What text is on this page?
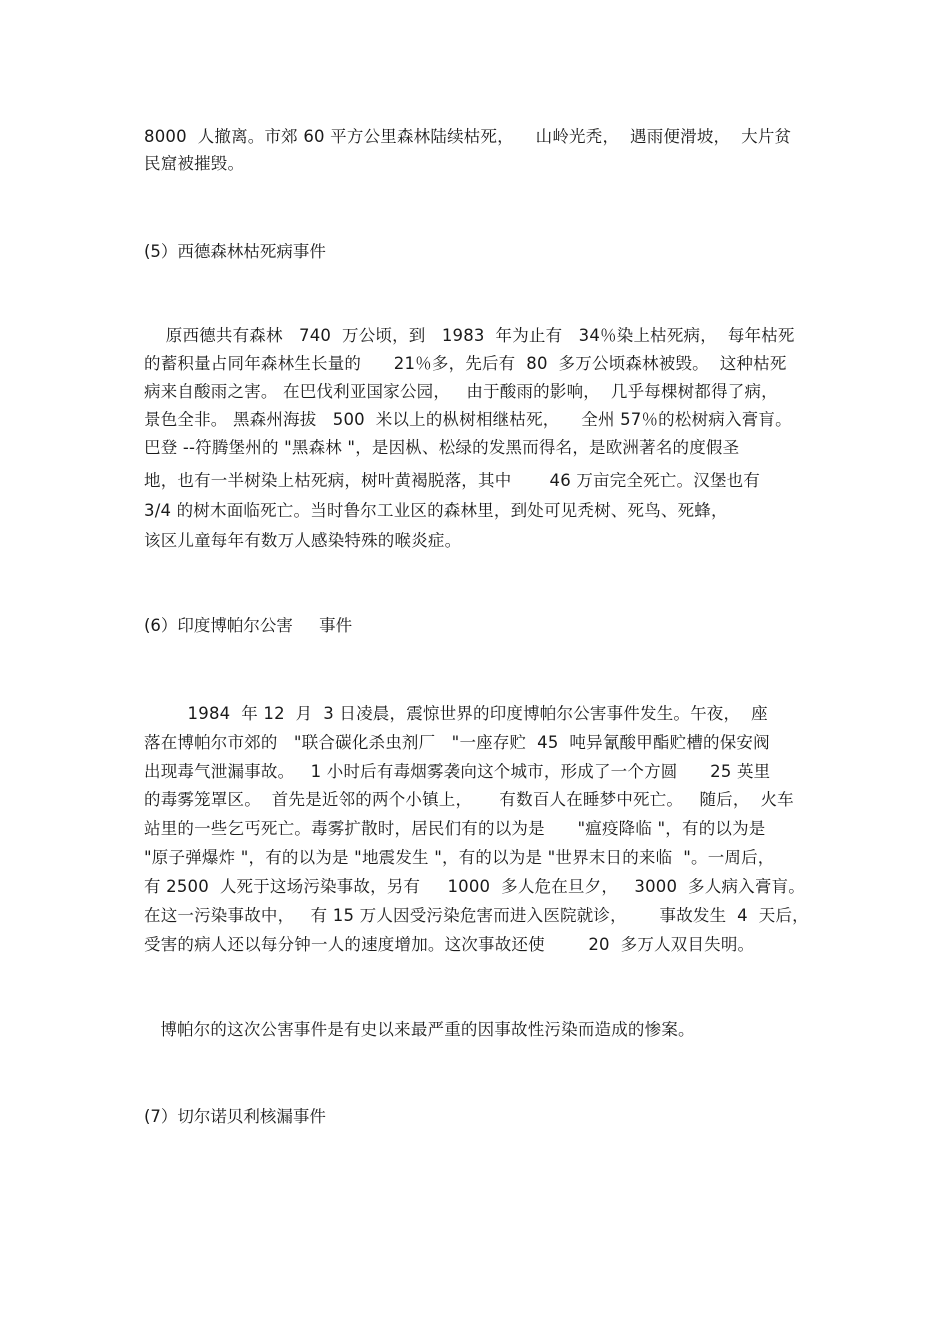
8000  人撤离。市郊 60 平方公里森林陆续枯死，    山岭光秃，  遇雨便滑坡，  大片贫
民窟被摧毁。
(5）西德森林枯死病事件
原西德共有森林   740  万公顷，到   1983  年为止有   34％染上枯死病，  每年枯死
的蓄积量占同年森林生长量的      21％多，先后有  80  多万公顷森林被毁。  这种枯死
病来自酸雨之害。 在巴伐利亚国家公园，   由于酸雨的影响，  几乎每棵树都得了病，
景色全非。 黑森州海拔   500  米以上的枞树相继枯死，    全州 57％的松树病入膏肓。
巴登 --符腾堡州的 "黑森林 "，是因枞、松绿的发黑而得名，是欧洲著名的度假圣
地，也有一半树染上枯死病，树叶黄褐脱落，其中       46 万亩完全死亡。汉堡也有
3/4 的树木面临死亡。当时鲁尔工业区的森林里，到处可见秃树、死鸟、死蜂，
该区儿童每年有数万人感染特殊的喉炎症。
(6）印度博帕尔公害     事件
1984  年 12  月  3 日凌晨，震惊世界的印度博帕尔公害事件发生。午夜，  座
落在博帕尔市郊的   "联合碳化杀虫剂厂   "一座存贮  45  吨异氰酸甲酯贮槽的保安阀
出现毒气泄漏事故。   1 小时后有毒烟雾袭向这个城市，形成了一个方圆      25 英里
的毒雾笼罩区。  首先是近邻的两个小镇上，     有数百人在睡梦中死亡。   随后，  火车
站里的一些乞丐死亡。毒雾扩散时，居民们有的以为是      "瘟疫降临 "，有的以为是
"原子弹爆炸 "，有的以为是 "地震发生 "，有的以为是 "世界末日的来临  "。一周后，
有 2500  人死于这场污染事故，另有     1000  多人危在旦夕，   3000  多人病入膏肓。
在这一污染事故中，   有 15 万人因受污染危害而进入医院就诊，      事故发生  4  天后，
受害的病人还以每分钟一人的速度增加。这次事故还使        20  多万人双目失明。
博帕尔的这次公害事件是有史以来最严重的因事故性污染而造成的惨案。
(7）切尔诺贝利核漏事件
